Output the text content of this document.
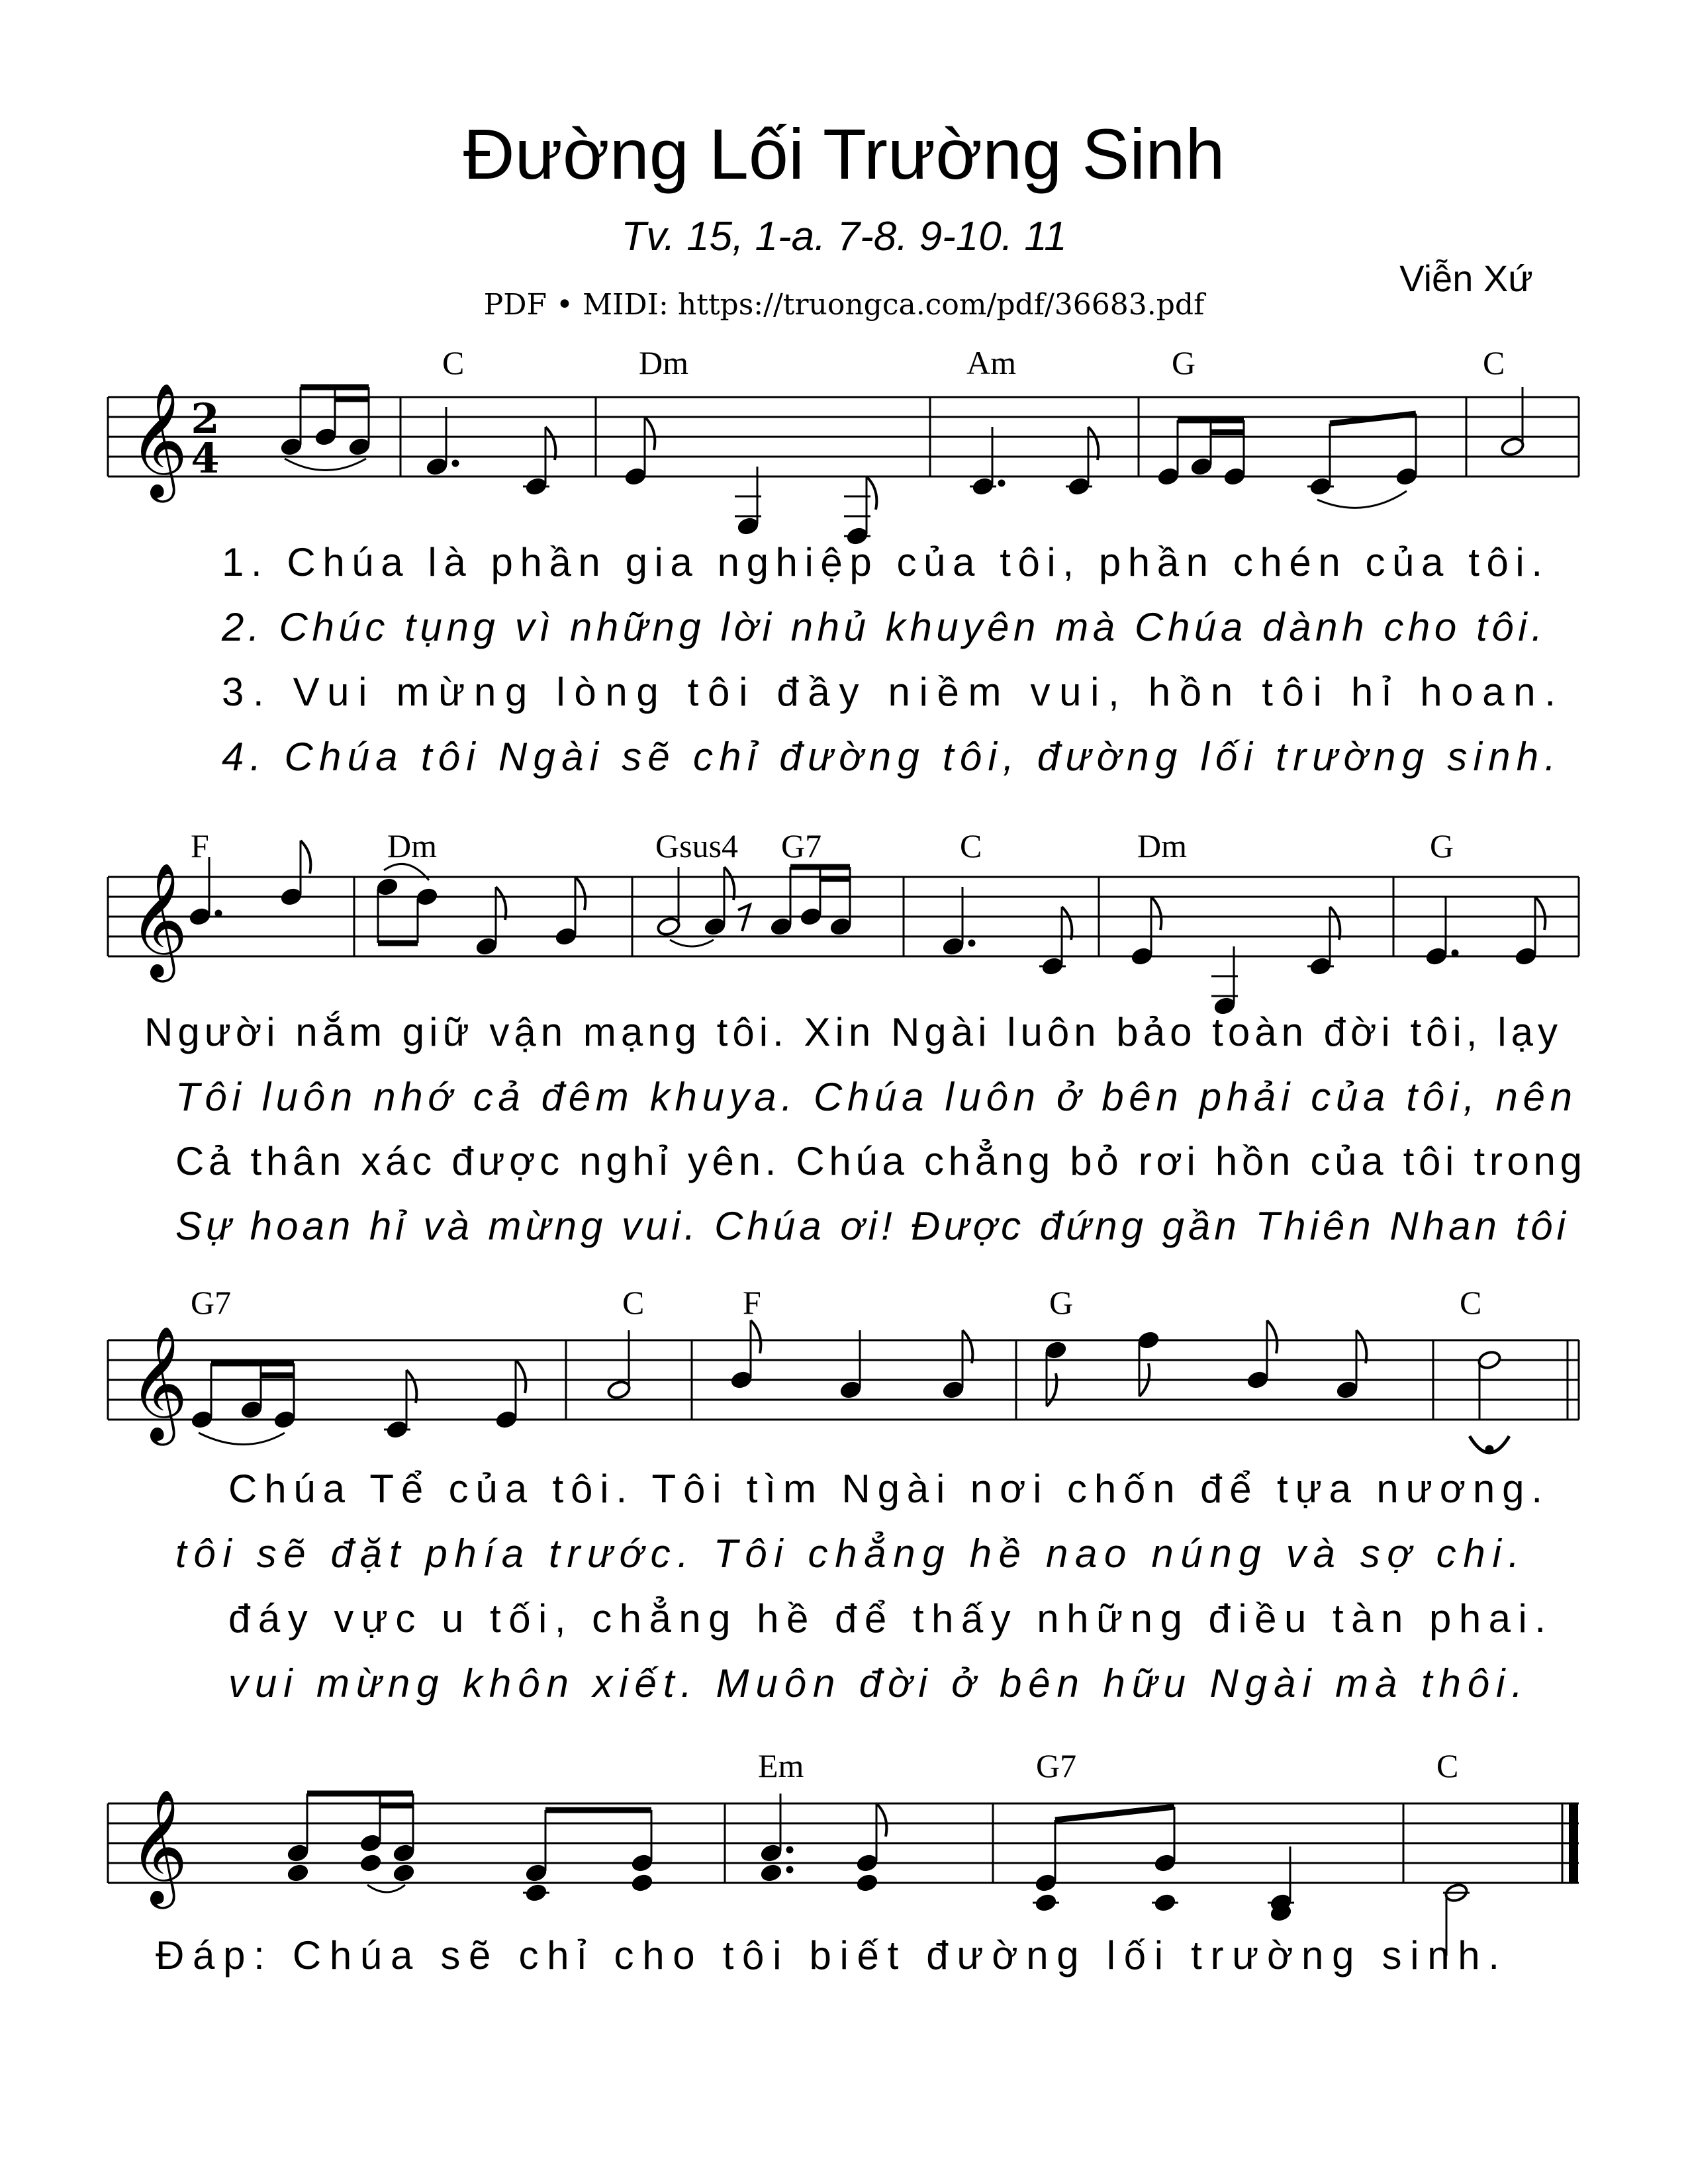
Đường Lối Trường Sinh
Tv. 15, 1-a. 7-8. 9-10. 11
Viễn Xứ
PDF • MIDI: https://truongca.com/pdf/36683.pdf
𝄞 2
4
C	Dm	Am	G	C
1. Chúa là phần gia nghiệp của tôi, phần chén của tôi.
2. Chúc tụng vì những lời nhủ khuyên mà Chúa dành cho tôi.
3. Vui mừng lòng tôi đầy niềm vui, hồn tôi hỉ hoan.
4. Chúa tôi Ngài sẽ chỉ đường tôi, đường lối trường sinh.
𝄞
F	Dm	Gsus4 G7	C	Dm	G
Người nắm giữ vận mạng tôi. Xin Ngài luôn bảo toàn đời tôi, lạy
Tôi luôn nhớ cả đêm khuya. Chúa luôn ở bên phải của tôi, nên
Cả thân xác được nghỉ yên. Chúa chẳng bỏ rơi hồn của tôi trong
Sự hoan hỉ và mừng vui. Chúa ơi! Được đứng gần Thiên Nhan tôi
𝄞
G7	C	F	G	C
Chúa Tể của tôi. Tôi tìm Ngài nơi chốn để tựa nương.
tôi sẽ đặt phía trước. Tôi chẳng hề nao núng và sợ chi.
đáy vực u tối, chẳng hề để thấy những điều tàn phai.
vui mừng khôn xiết. Muôn đời ở bên hữu Ngài mà thôi.
𝄞
Em	G7	C
Đáp: Chúa sẽ chỉ cho tôi biết đường lối trường sinh.
